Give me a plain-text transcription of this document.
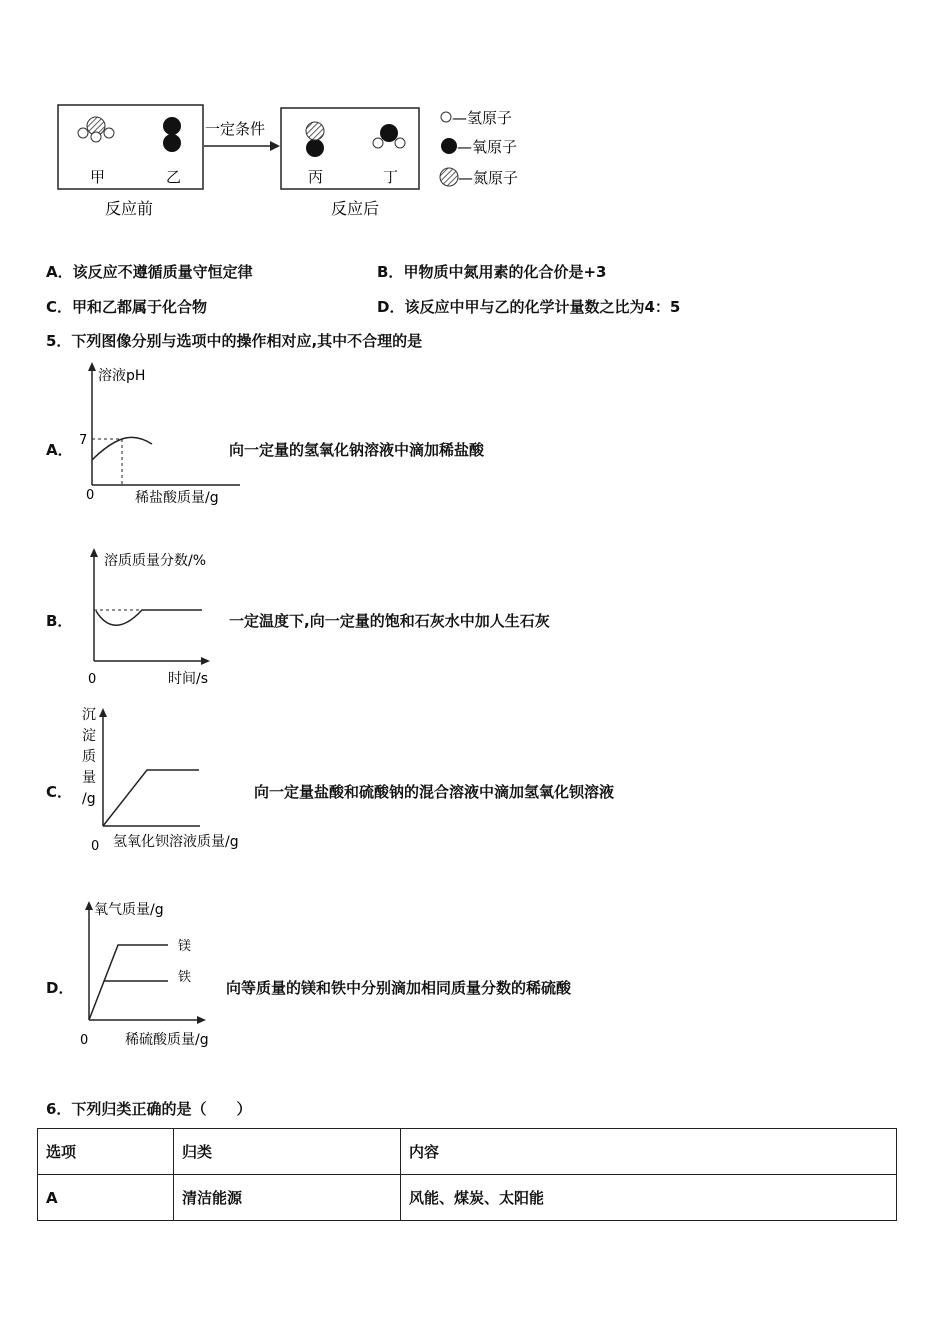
甲	乙
反应前
一定条件
丙	丁
反应后
—氢原子
—氧原子
—氮原子
A．该反应不遵循质量守恒定律	B．甲物质中氮用素的化合价是+3
C．甲和乙都属于化合物	D．该反应中甲与乙的化学计量数之比为4：5
5．下列图像分别与选项中的操作相对应,其中不合理的是
A．
溶液pH
7
0	稀盐酸质量/g
向一定量的氢氧化钠溶液中滴加稀盐酸
B．
溶质质量分数/%
0	时间/s
一定温度下,向一定量的饱和石灰水中加人生石灰
C．
沉
淀
质
量
/g
0 氢氧化钡溶液质量/g
向一定量盐酸和硫酸钠的混合溶液中滴加氢氧化钡溶液
D．
氧气质量/g
镁
铁
0	稀硫酸质量/g
向等质量的镁和铁中分别滴加相同质量分数的稀硫酸
6．下列归类正确的是（　　）
选项	归类	内容
A	清洁能源	风能、煤炭、太阳能
